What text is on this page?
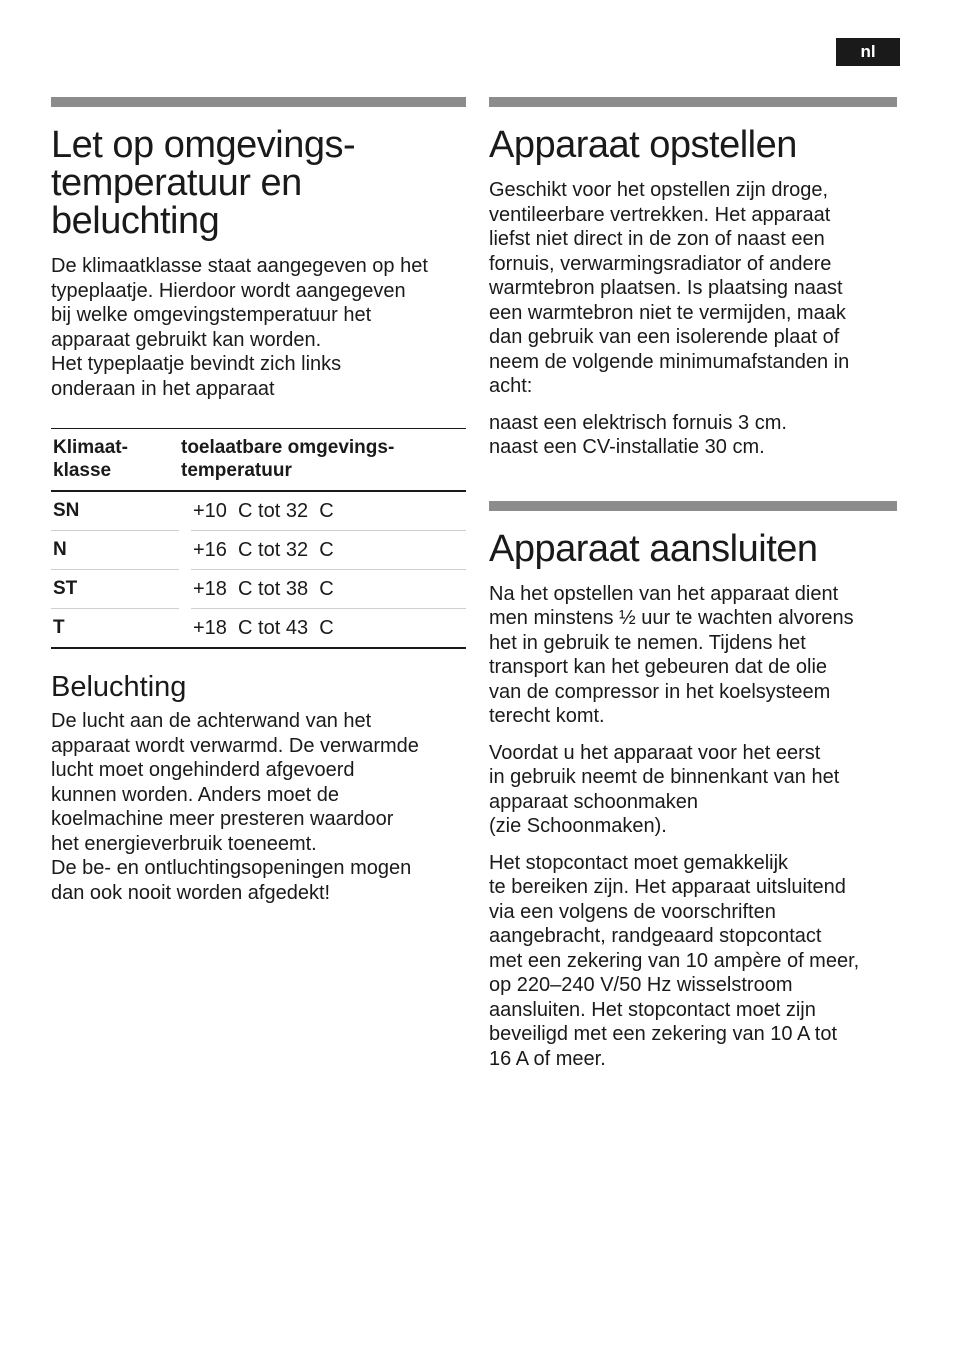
nl
Let op omgevings-
temperatuur en
beluchting

De klimaatklasse staat aangegeven op het
typeplaatje. Hierdoor wordt aangegeven
bij welke omgevingstemperatuur het
apparaat gebruikt kan worden.
Het typeplaatje bevindt zich links
onderaan in het apparaat

Klimaat-
klasse	toelaatbare omgevings-
temperatuur	

SN		+10  C tot 32  C
N		+16  C tot 32  C
ST		+18  C tot 38  C
T		+18  C tot 43  C
Beluchting

De lucht aan de achterwand van het
apparaat wordt verwarmd. De verwarmde
lucht moet ongehinderd afgevoerd
kunnen worden. Anders moet de
koelmachine meer presteren waardoor
het energieverbruik toeneemt.
De be- en ontluchtingsopeningen mogen
dan ook nooit worden afgedekt!

Apparaat opstellen

Geschikt voor het opstellen zijn droge,
ventileerbare vertrekken. Het apparaat
liefst niet direct in de zon of naast een
fornuis, verwarmingsradiator of andere
warmtebron plaatsen. Is plaatsing naast
een warmtebron niet te vermijden, maak
dan gebruik van een isolerende plaat of
neem de volgende minimumafstanden in
acht:

naast een elektrisch fornuis 3 cm.
naast een CV-installatie 30 cm.

Apparaat aansluiten

Na het opstellen van het apparaat dient
men minstens ½ uur te wachten alvorens
het in gebruik te nemen. Tijdens het
transport kan het gebeuren dat de olie
van de compressor in het koelsysteem
terecht komt.

Voordat u het apparaat voor het eerst
in gebruik neemt de binnenkant van het
apparaat schoonmaken
(zie Schoonmaken).

Het stopcontact moet gemakkelijk
te bereiken zijn. Het apparaat uitsluitend
via een volgens de voorschriften
aangebracht, randgeaard stopcontact
met een zekering van 10 ampère of meer,
op 220–240 V/50 Hz wisselstroom
aansluiten. Het stopcontact moet zijn
beveiligd met een zekering van 10 A tot
16 A of meer.
